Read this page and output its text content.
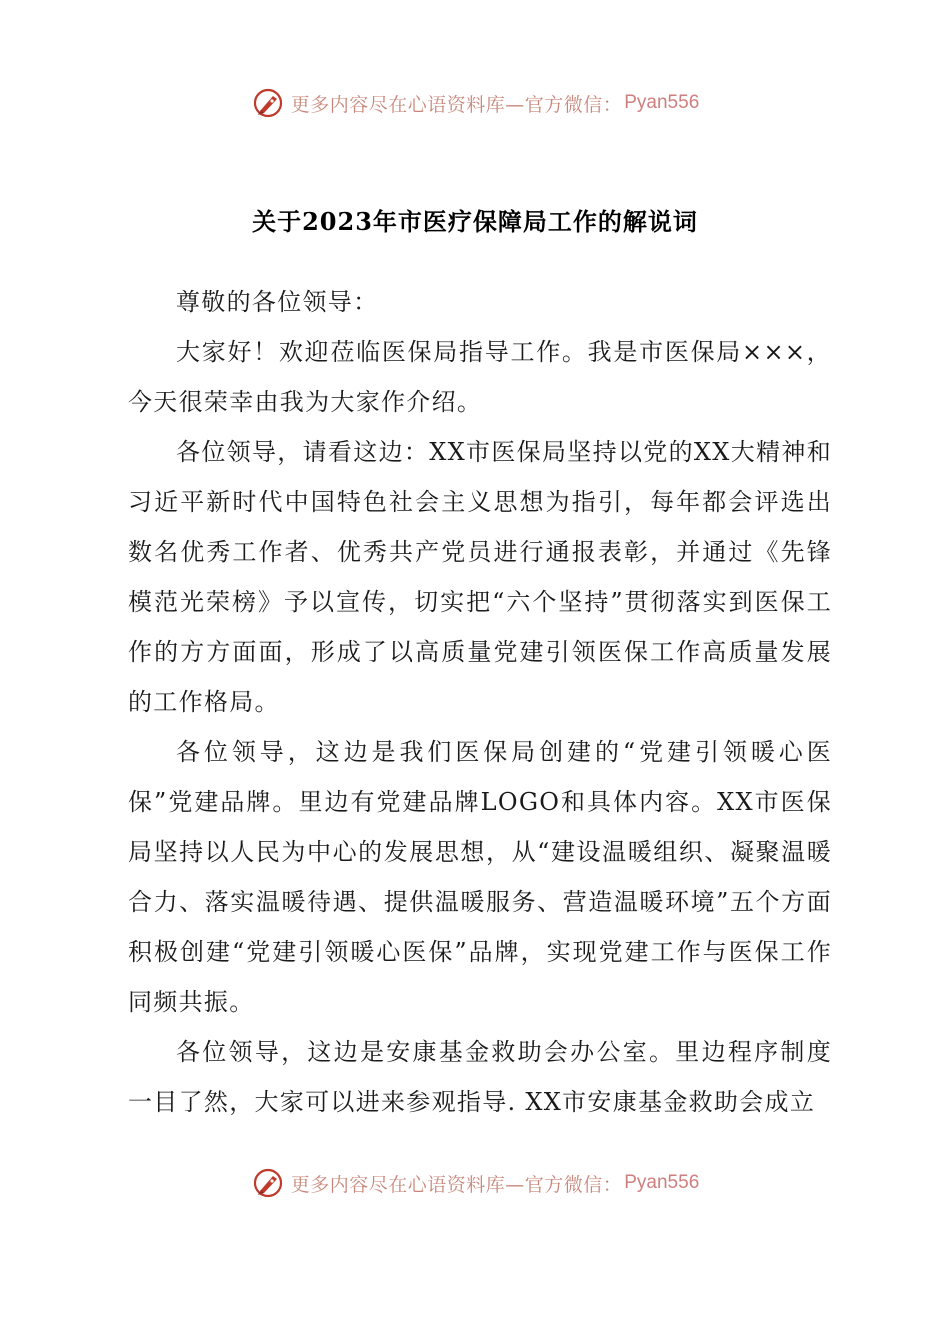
更多内容尽在心语资料库—官方微信： Pyan556
关于2023年市医疗保障局工作的解说词

尊敬的各位领导：

大家好！欢迎莅临医保局指导工作。我是市医保局×××，今天很荣幸由我为大家作介绍。

各位领导，请看这边：XX市医保局坚持以党的XX大精神和习近平新时代中国特色社会主义思想为指引，每年都会评选出数名优秀工作者、优秀共产党员进行通报表彰，并通过《先锋模范光荣榜》予以宣传，切实把“六个坚持”贯彻落实到医保工作的方方面面，形成了以高质量党建引领医保工作高质量发展的工作格局。

各位领导，这边是我们医保局创建的“党建引领暖心医保”党建品牌。里边有党建品牌LOGO和具体内容。XX市医保局坚持以人民为中心的发展思想，从“建设温暖组织、凝聚温暖合力、落实温暖待遇、提供温暖服务、营造温暖环境”五个方面积极创建“党建引领暖心医保”品牌，实现党建工作与医保工作同频共振。

各位领导，这边是安康基金救助会办公室。里边程序制度一目了然，大家可以进来参观指导. XX市安康基金救助会成立

更多内容尽在心语资料库—官方微信： Pyan556
